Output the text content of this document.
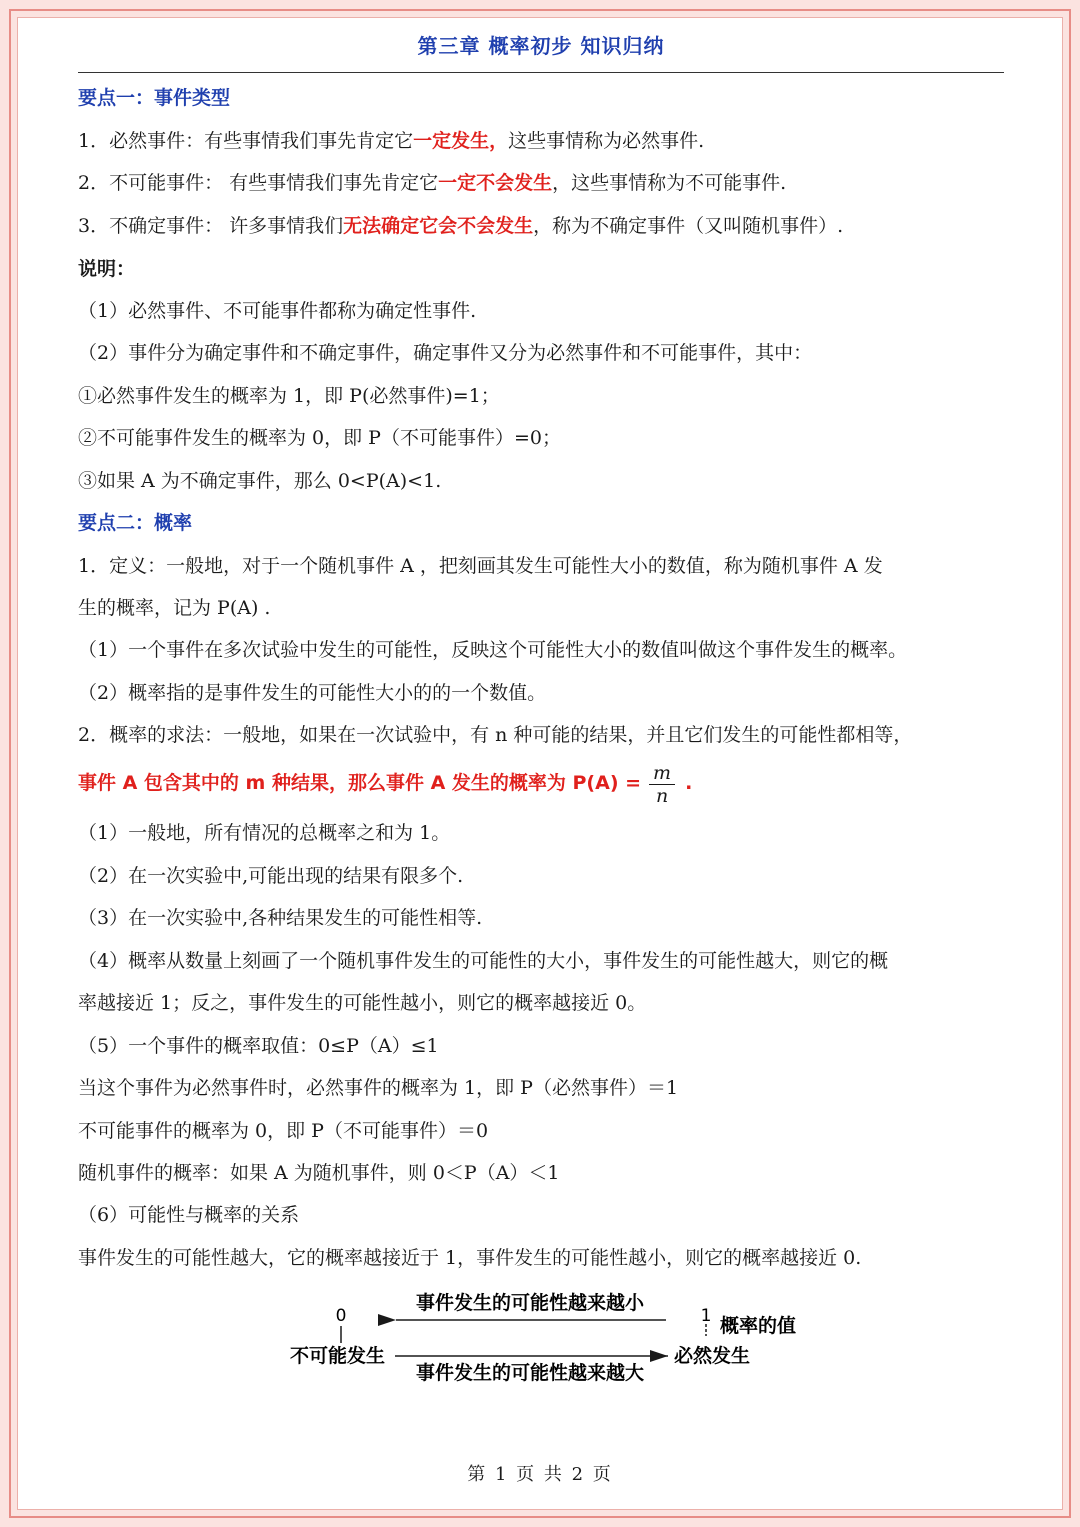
第三章 概率初步 知识归纳
要点一：事件类型
1．必然事件：有些事情我们事先肯定它一定发生，这些事情称为必然事件.
2．不可能事件： 有些事情我们事先肯定它一定不会发生，这些事情称为不可能事件.
3．不确定事件： 许多事情我们无法确定它会不会发生，称为不确定事件（又叫随机事件）.
说明：
（1）必然事件、不可能事件都称为确定性事件.
（2）事件分为确定事件和不确定事件，确定事件又分为必然事件和不可能事件，其中：
①必然事件发生的概率为 1，即 P(必然事件)=1；
②不可能事件发生的概率为 0，即 P（不可能事件）=0；
③如果 A 为不确定事件，那么 0<P(A)<1.
要点二：概率
1．定义：一般地，对于一个随机事件 A ，把刻画其发生可能性大小的数值，称为随机事件 A 发
生的概率，记为 P(A) .
（1）一个事件在多次试验中发生的可能性，反映这个可能性大小的数值叫做这个事件发生的概率。
（2）概率指的是事件发生的可能性大小的的一个数值。
2．概率的求法：一般地，如果在一次试验中，有 n 种可能的结果，并且它们发生的可能性都相等，
事件 A 包含其中的 m 种结果，那么事件 A 发生的概率为 $P(A) = \frac{m}{n}$ .
（1）一般地，所有情况的总概率之和为 1。
（2）在一次实验中,可能出现的结果有限多个.
（3）在一次实验中,各种结果发生的可能性相等.
（4）概率从数量上刻画了一个随机事件发生的可能性的大小，事件发生的可能性越大，则它的概
率越接近 1；反之，事件发生的可能性越小，则它的概率越接近 0。
（5）一个事件的概率取值：0≤P（A）≤1
当这个事件为必然事件时，必然事件的概率为 1，即 P（必然事件）＝1
不可能事件的概率为 0，即 P（不可能事件）＝0
随机事件的概率：如果 A 为随机事件，则 0＜P（A）＜1
（6）可能性与概率的关系
事件发生的可能性越大，它的概率越接近于 1，事件发生的可能性越小，则它的概率越接近 0.
0	1
事件发生的可能性越来越小
概率的值
不可能发生	必然发生
事件发生的可能性越来越大
第 1 页 共 2 页
